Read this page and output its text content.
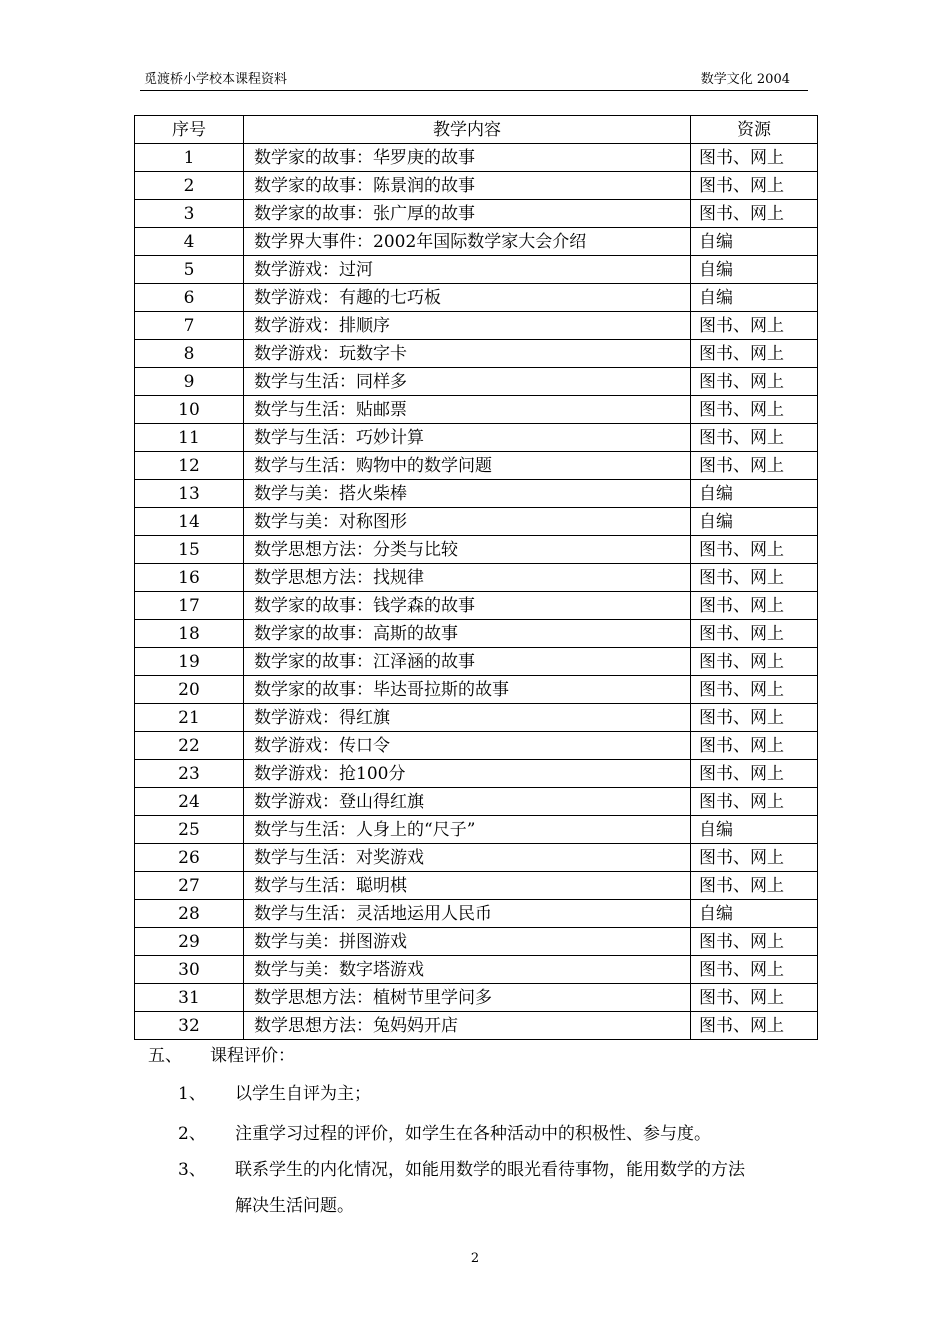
觅渡桥小学校本课程资料	数学文化 2004
序号	教学内容	资源
1	数学家的故事：华罗庚的故事	图书、网上
2	数学家的故事：陈景润的故事	图书、网上
3	数学家的故事：张广厚的故事	图书、网上
4	数学界大事件：2002年国际数学家大会介绍	自编
5	数学游戏：过河	自编
6	数学游戏：有趣的七巧板	自编
7	数学游戏：排顺序	图书、网上
8	数学游戏：玩数字卡	图书、网上
9	数学与生活：同样多	图书、网上
10	数学与生活：贴邮票	图书、网上
11	数学与生活：巧妙计算	图书、网上
12	数学与生活：购物中的数学问题	图书、网上
13	数学与美：搭火柴棒	自编
14	数学与美：对称图形	自编
15	数学思想方法：分类与比较	图书、网上
16	数学思想方法：找规律	图书、网上
17	数学家的故事：钱学森的故事	图书、网上
18	数学家的故事：高斯的故事	图书、网上
19	数学家的故事：江泽涵的故事	图书、网上
20	数学家的故事：毕达哥拉斯的故事	图书、网上
21	数学游戏：得红旗	图书、网上
22	数学游戏：传口令	图书、网上
23	数学游戏：抢100分	图书、网上
24	数学游戏：登山得红旗	图书、网上
25	数学与生活：人身上的“尺子”	自编
26	数学与生活：对奖游戏	图书、网上
27	数学与生活：聪明棋	图书、网上
28	数学与生活：灵活地运用人民币	自编
29	数学与美：拼图游戏	图书、网上
30	数学与美：数字塔游戏	图书、网上
31	数学思想方法：植树节里学问多	图书、网上
32	数学思想方法：兔妈妈开店	图书、网上
五、 课程评价：
1、 以学生自评为主；
2、 注重学习过程的评价，如学生在各种活动中的积极性、参与度。
3、 联系学生的内化情况，如能用数学的眼光看待事物，能用数学的方法
解决生活问题。
2
